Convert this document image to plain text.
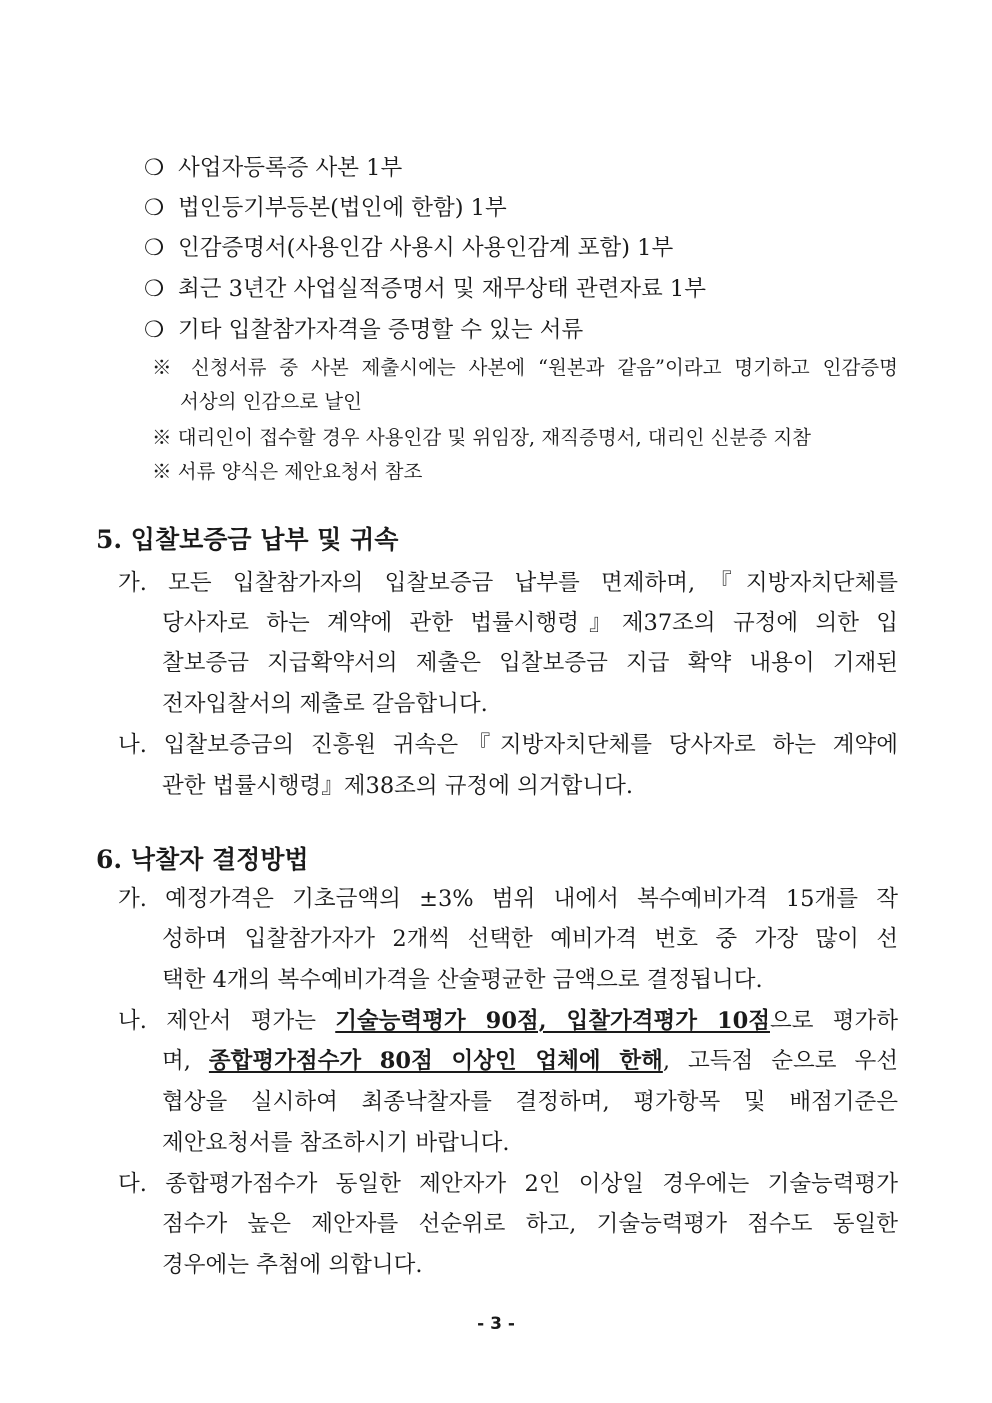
❍ 사업자등록증 사본 1부
❍ 법인등기부등본(법인에 한함) 1부
❍ 인감증명서(사용인감 사용시 사용인감계 포함) 1부
❍ 최근 3년간 사업실적증명서 및 재무상태 관련자료 1부
❍ 기타 입찰참가자격을 증명할 수 있는 서류
※ 신청서류 중 사본 제출시에는 사본에 “원본과 같음”이라고 명기하고 인감증명
서상의 인감으로 날인
※ 대리인이 접수할 경우 사용인감 및 위임장, 재직증명서, 대리인 신분증 지참
※ 서류 양식은 제안요청서 참조
5. 입찰보증금 납부 및 귀속
가. 모든 입찰참가자의 입찰보증금 납부를 면제하며,『지방자치단체를
당사자로 하는 계약에 관한 법률시행령』제37조의 규정에 의한 입
찰보증금 지급확약서의 제출은 입찰보증금 지급 확약 내용이 기재된
전자입찰서의 제출로 갈음합니다.
나. 입찰보증금의 진흥원 귀속은『지방자치단체를 당사자로 하는 계약에
관한 법률시행령』제38조의 규정에 의거합니다.
6. 낙찰자 결정방법
가. 예정가격은 기초금액의 ±3% 범위 내에서 복수예비가격 15개를 작
성하며 입찰참가자가 2개씩 선택한 예비가격 번호 중 가장 많이 선
택한 4개의 복수예비가격을 산술평균한 금액으로 결정됩니다.
나. 제안서 평가는 기술능력평가 90점, 입찰가격평가 10점으로 평가하
며, 종합평가점수가 80점 이상인 업체에 한해, 고득점 순으로 우선
협상을 실시하여 최종낙찰자를 결정하며, 평가항목 및 배점기준은
제안요청서를 참조하시기 바랍니다.
다. 종합평가점수가 동일한 제안자가 2인 이상일 경우에는 기술능력평가
점수가 높은 제안자를 선순위로 하고, 기술능력평가 점수도 동일한
경우에는 추첨에 의합니다.
- 3 -
